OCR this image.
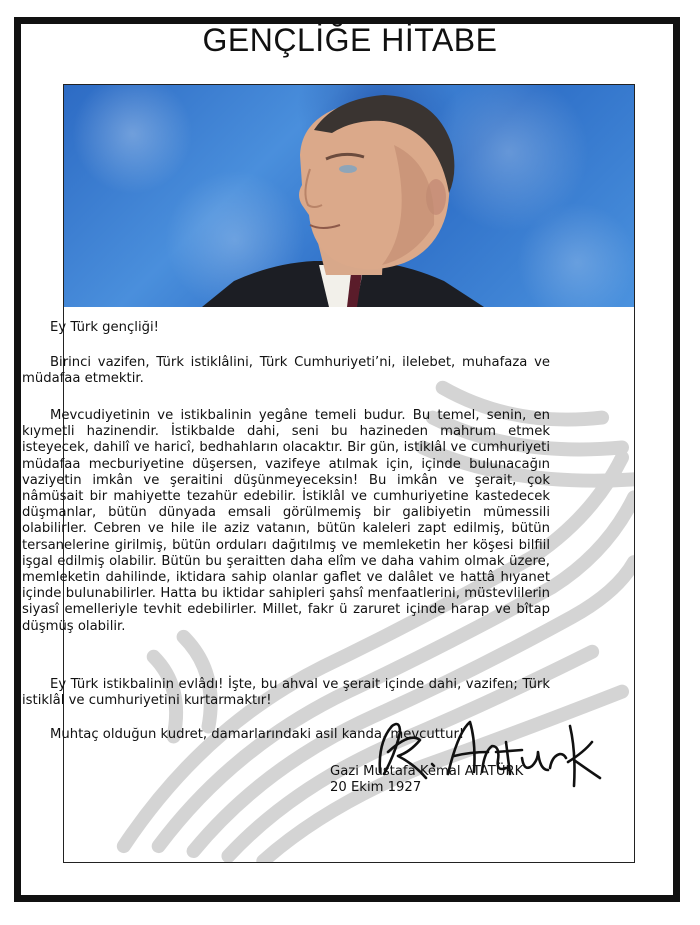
GENÇLİĞE HİTABE

Ey Türk gençliği!

Birinci vazifen, Türk istiklâlini, Türk Cumhuriyeti’ni, ilelebet, muhafaza ve müdafaa etmektir.

Mevcudiyetinin ve istikbalinin yegâne temeli budur. Bu temel, senin, en kıymetli hazinendir. İstikbalde dahi, seni bu hazineden mahrum etmek isteyecek, dahilî ve haricî, bedhahların olacaktır. Bir gün, istiklâl ve cumhuriyeti müdafaa mecburiyetine düşersen, vazifeye atılmak için, içinde bulunacağın vaziyetin imkân ve şeraitini düşünmeyeceksin! Bu imkân ve şerait, çok nâmüsait bir mahiyette tezahür edebilir. İstiklâl ve cumhuriyetine kastedecek düşmanlar, bütün dünyada emsali görülmemiş bir galibiyetin mümessili olabilirler. Cebren ve hile ile aziz vatanın, bütün kaleleri zapt edilmiş, bütün tersanelerine girilmiş, bütün orduları dağıtılmış ve memleketin her köşesi bilfiil işgal edilmiş olabilir. Bütün bu şeraitten daha elîm ve daha vahim olmak üzere, memleketin dahilinde, iktidara sahip olanlar gaflet ve dalâlet ve hattâ hıyanet içinde bulunabilirler. Hatta bu iktidar sahipleri şahsî menfaatlerini, müstevlilerin siyasî emelleriyle tevhit edebilirler. Millet, fakr ü zaruret içinde harap ve bîtap düşmüş olabilir.

Ey Türk istikbalinin evlâdı! İşte, bu ahval ve şerait içinde dahi, vazifen; Türk istiklâl ve cumhuriyetini kurtarmaktır!

Muhtaç olduğun kudret, damarlarındaki asil kanda, mevcuttur!

Gazi Mustafa Kemal ATATÜRK
20 Ekim 1927
